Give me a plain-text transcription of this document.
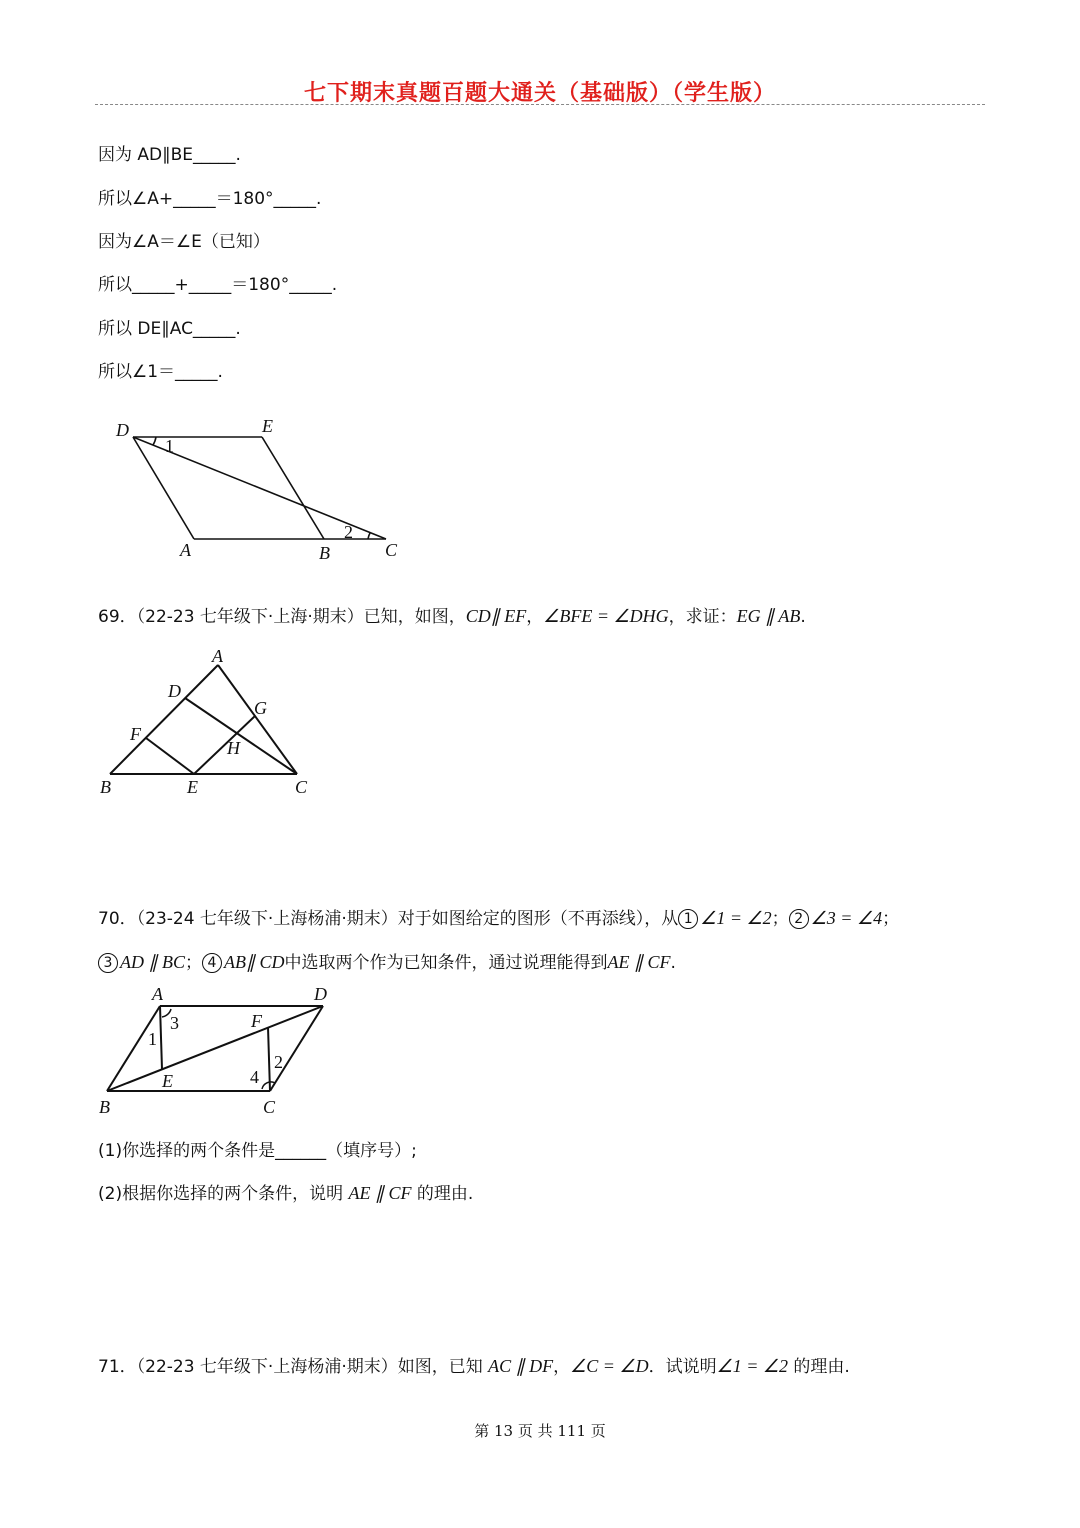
七下期末真题百题大通关（基础版）（学生版）
因为 AD∥BE_____.
所以∠A+_____＝180°_____.
因为∠A＝∠E（已知）
所以_____+_____＝180°_____.
所以 DE∥AC_____.
所以∠1＝_____.
D	E
A	B	C
1
2
69．（22-23 七年级下·上海·期末）已知，如图，CD∥ EF，∠BFE = ∠DHG，求证：EG ∥ AB.
A
D
G
F
H
B	E	C
70．（23-24 七年级下·上海杨浦·期末）对于如图给定的图形（不再添线），从 1 ∠1 = ∠2； 2 ∠3 = ∠4；
3 AD ∥ BC； 4 AB∥ CD中选取两个作为已知条件，通过说理能得到AE ∥ CF.
A	D
F
3
1
2
4
E
B	C
(1)你选择的两个条件是______（填序号）;
(2)根据你选择的两个条件，说明 AE ∥ CF 的理由.
71．（22-23 七年级下·上海杨浦·期末）如图，已知 AC ∥ DF，∠C = ∠D．试说明∠1 = ∠2 的理由.
第 13 页 共 111 页
